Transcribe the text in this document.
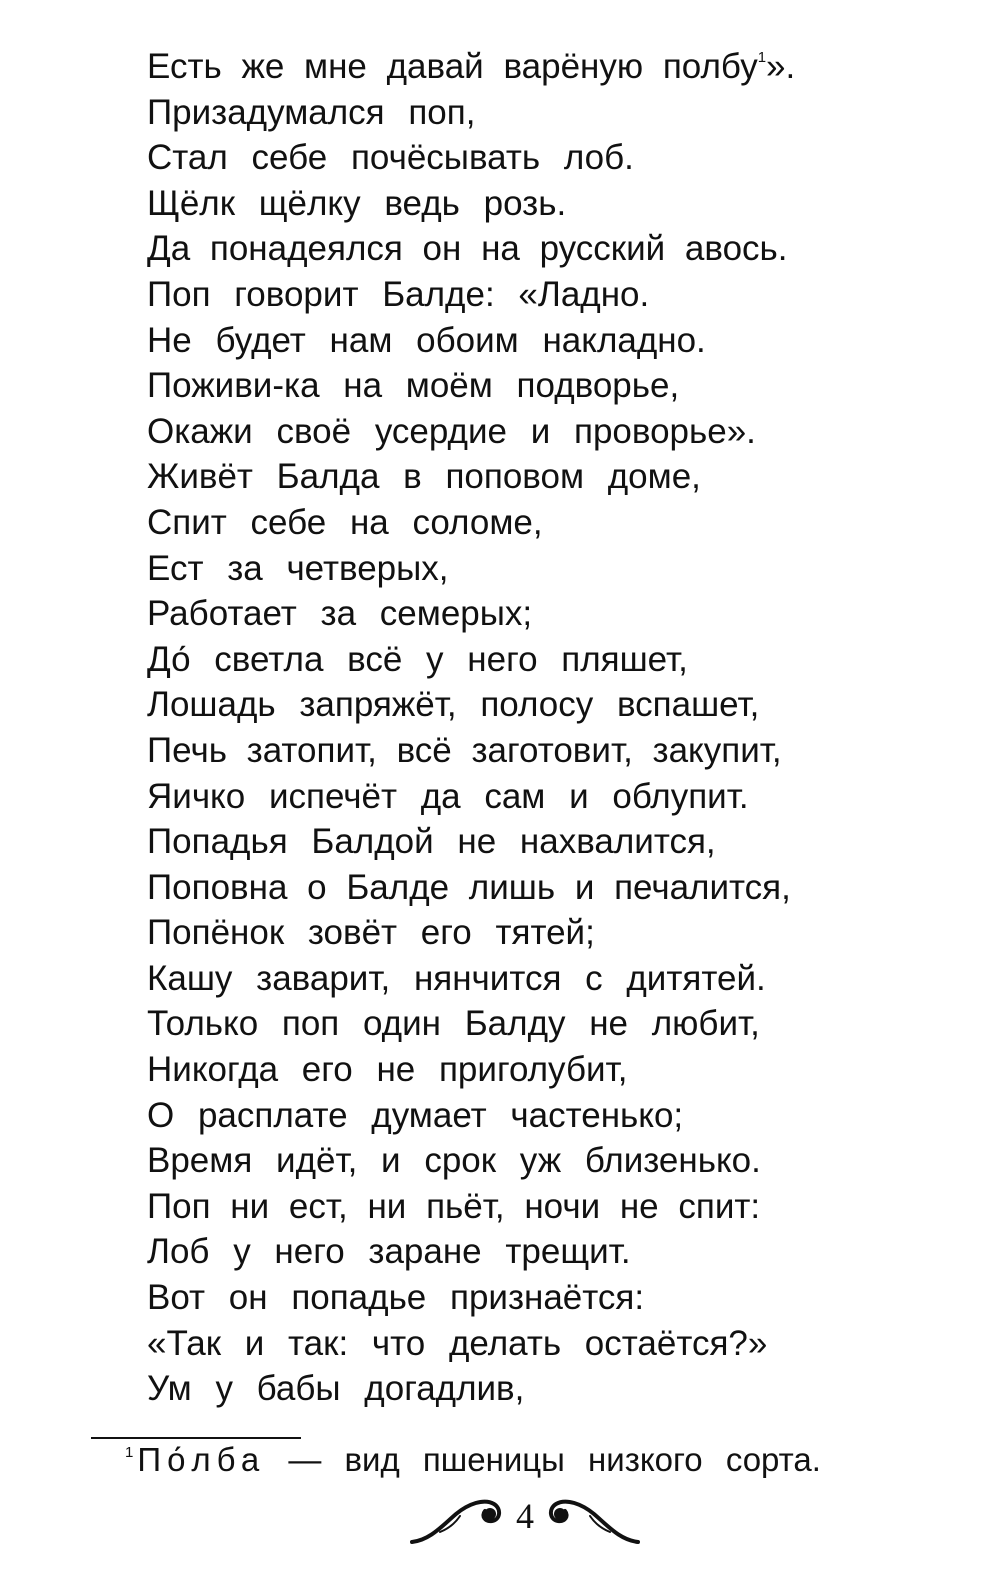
Есть же мне давай варёную полбу$^1$».
Призадумался поп,
Стал себе почёсывать лоб.
Щёлк щёлку ведь розь.
Да понадеялся он на русский авось.
Поп говорит Балде: «Ладно.
Не будет нам обоим накладно.
Поживи-ка на моём подворье,
Окажи своё усердие и проворье».
Живёт Балда в поповом доме,
Спит себе на соломе,
Ест за четверых,
Работает за семерых;
До́ светла всё у него пляшет,
Лошадь запряжёт, полосу вспашет,
Печь затопит, всё заготовит, закупит,
Яичко испечёт да сам и облупит.
Попадья Балдой не нахвалится,
Поповна о Балде лишь и печалится,
Попёнок зовёт его тятей;
Кашу заварит, нянчится с дитятей.
Только поп один Балду не любит,
Никогда его не приголубит,
О расплате думает частенько;
Время идёт, и срок уж близенько.
Поп ни ест, ни пьёт, ночи не спит:
Лоб у него заране трещит.
Вот он попадье признаётся:
«Так и так: что делать остаётся?»
Ум у бабы догадлив,
$^1$ По́лба — вид пшеницы низкого сорта.
4
